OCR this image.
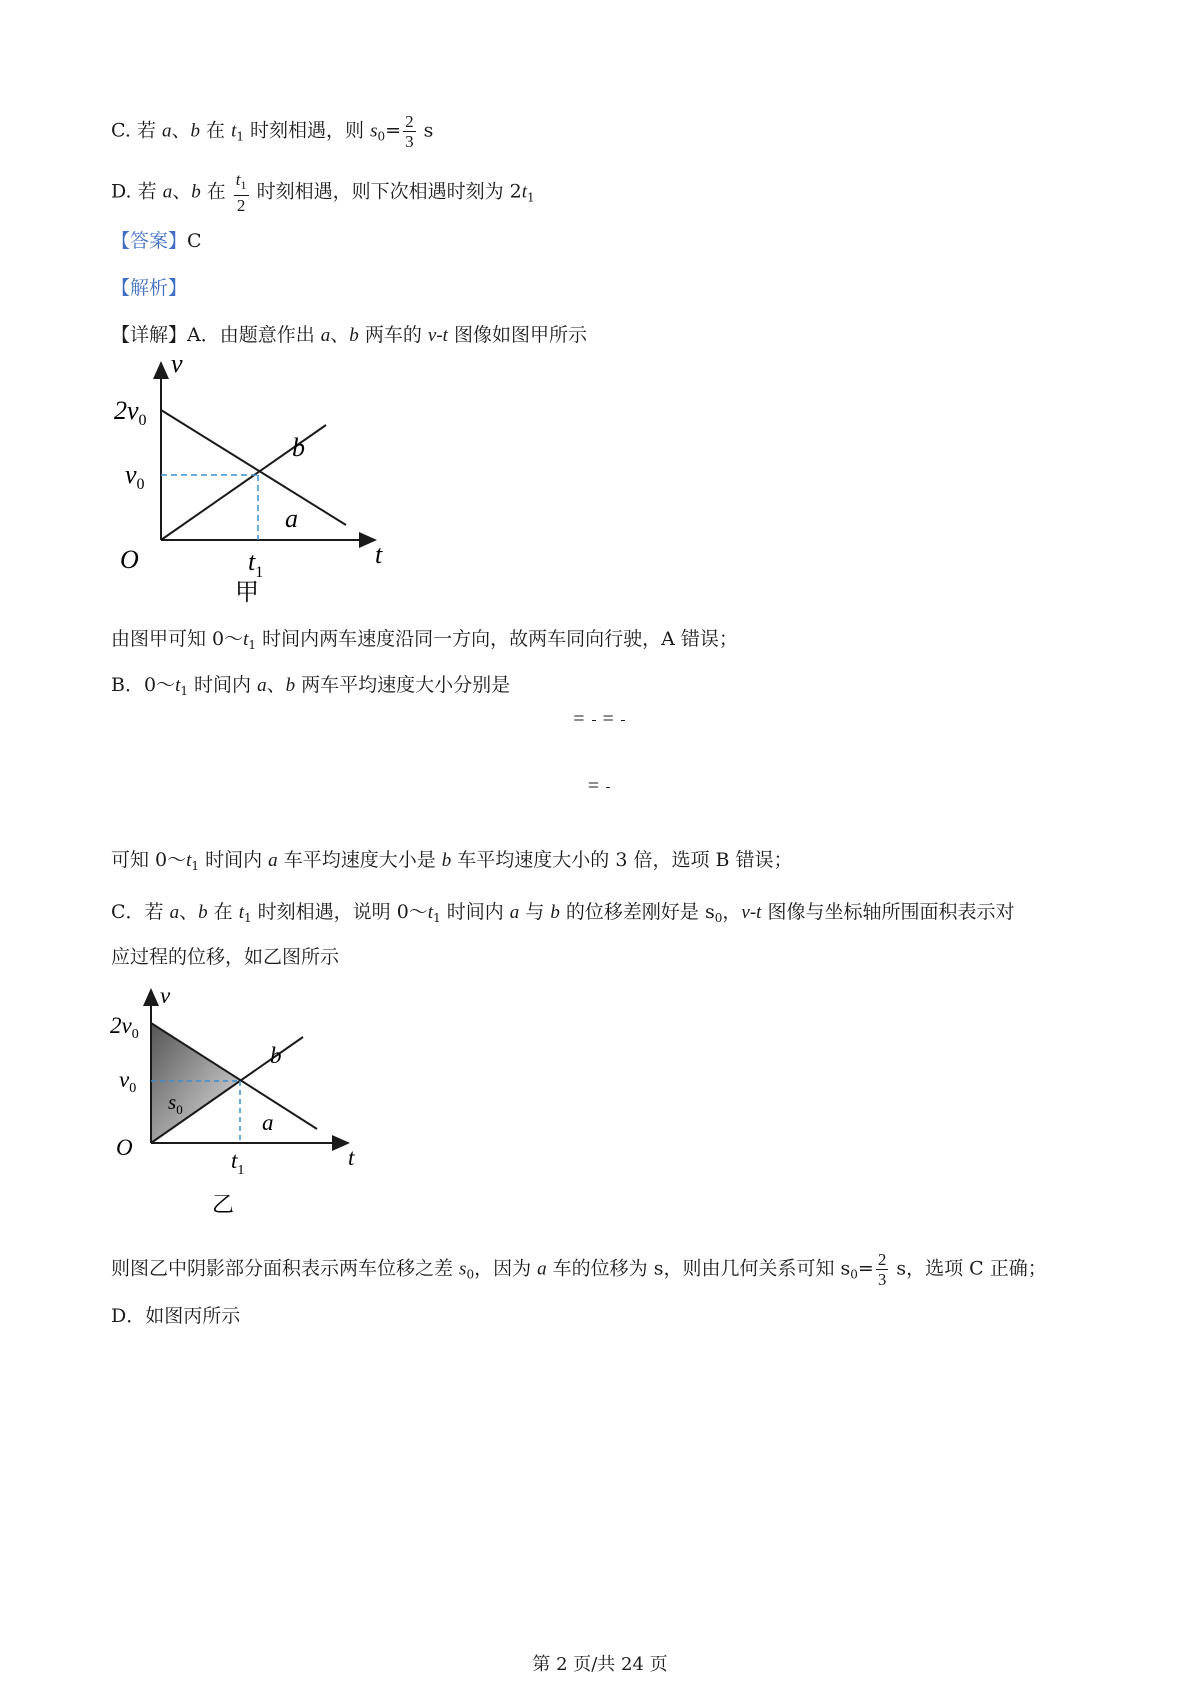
C. 若 a、b 在 $t_1$ 时刻相遇，则 $s_0= \frac{2}{3}$ s
D. 若 a、b 在 $\frac{t_1}{2}$ 时刻相遇，则下次相遇时刻为 $2t_1$
【答案】C
【解析】
【详解】A．由题意作出 a、b 两车的 v-t 图像如图甲所示
v
t
O
$2v_0$
$v_0$
$t_1$
a
b
甲
由图甲可知 $0\sim t_1$ 时间内两车速度沿同一方向，故两车同向行驶，A 错误；
B．$0\sim t_1$ 时间内 a、b 两车平均速度大小分别是
=
=
=
可知 $0\sim t_1$ 时间内 a 车平均速度大小是 b 车平均速度大小的 3 倍，选项 B 错误；
C．若 a、b 在 $t_1$ 时刻相遇，说明 $0\sim t_1$ 时间内 a 与 b 的位移差刚好是 $s_0$，v-t 图像与坐标轴所围面积表示对
应过程的位移，如乙图所示
v
t
O
$2v_0$
$v_0$
$s_0$
$t_1$
a
b
乙
则图乙中阴影部分面积表示两车位移之差 $s_0$，因为 a 车的位移为 s，则由几何关系可知 $s_0= \frac{2}{3}$ s，选项 C 正确；
D．如图丙所示
第 2 页/共 24 页
